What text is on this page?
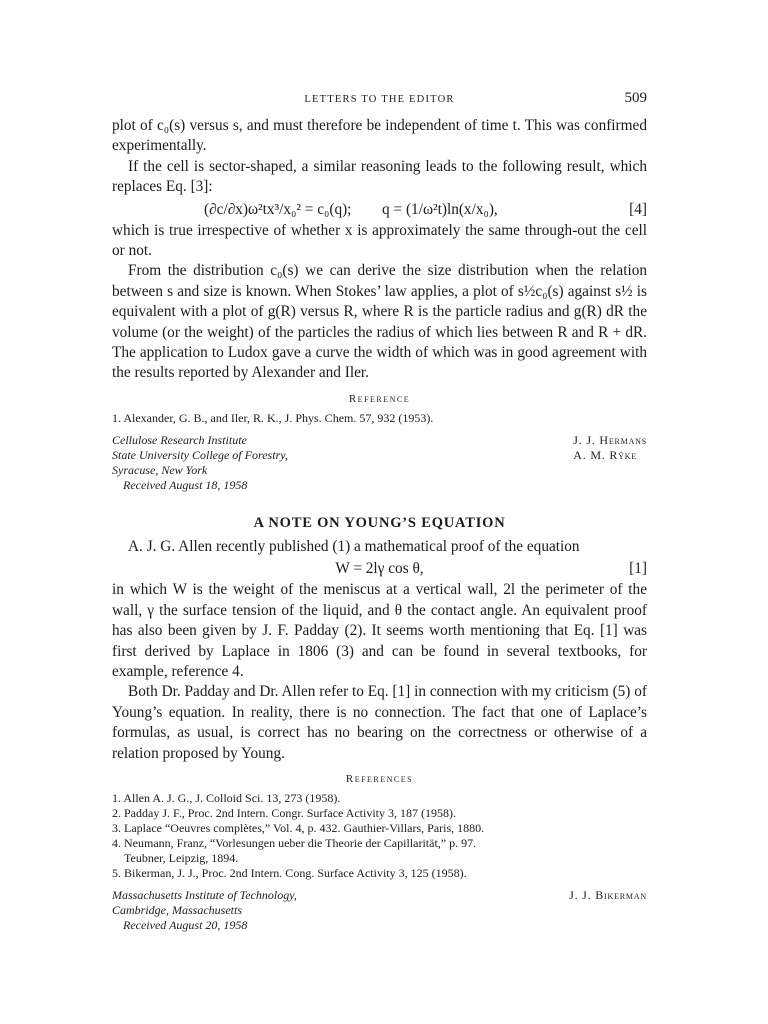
LETTERS TO THE EDITOR	509

plot of c₀(s) versus s, and must therefore be independent of time t. This was confirmed experimentally.

If the cell is sector-shaped, a similar reasoning leads to the following result, which replaces Eq. [3]:

(∂c/∂x)ω²tx³/x₀² = c₀(q);  q = (1/ω²t)ln(x/x₀),	[4]

which is true irrespective of whether x is approximately the same through-out the cell or not.

From the distribution c₀(s) we can derive the size distribution when the relation between s and size is known. When Stokes’ law applies, a plot of s½c₀(s) against s½ is equivalent with a plot of g(R) versus R, where R is the particle radius and g(R) dR the volume (or the weight) of the particles the radius of which lies between R and R + dR. The application to Ludox gave a curve the width of which was in good agreement with the results reported by Alexander and Iler.

Reference
1. Alexander, G. B., and Iler, R. K., J. Phys. Chem. 57, 932 (1953).
Cellulose Research Institute
State University College of Forestry,
Syracuse, New York
Received August 18, 1958
J. J. Hermans
A. M. Rŷke
A NOTE ON YOUNG’S EQUATION

A. J. G. Allen recently published (1) a mathematical proof of the equation

W = 2lγ cos θ,	[1]

in which W is the weight of the meniscus at a vertical wall, 2l the perimeter of the wall, γ the surface tension of the liquid, and θ the contact angle. An equivalent proof has also been given by J. F. Padday (2). It seems worth mentioning that Eq. [1] was first derived by Laplace in 1806 (3) and can be found in several textbooks, for example, reference 4.

Both Dr. Padday and Dr. Allen refer to Eq. [1] in connection with my criticism (5) of Young’s equation. In reality, there is no connection. The fact that one of Laplace’s formulas, as usual, is correct has no bearing on the correctness or otherwise of a relation proposed by Young.

References
1. Allen A. J. G., J. Colloid Sci. 13, 273 (1958).
2. Padday J. F., Proc. 2nd Intern. Congr. Surface Activity 3, 187 (1958).
3. Laplace “Oeuvres complètes,” Vol. 4, p. 432. Gauthier-Villars, Paris, 1880.
4. Neumann, Franz, “Vorlesungen ueber die Theorie der Capillarität,” p. 97.
Teubner, Leipzig, 1894.
5. Bikerman, J. J., Proc. 2nd Intern. Cong. Surface Activity 3, 125 (1958).
Massachusetts Institute of Technology,
Cambridge, Massachusetts
Received August 20, 1958
J. J. Bikerman
